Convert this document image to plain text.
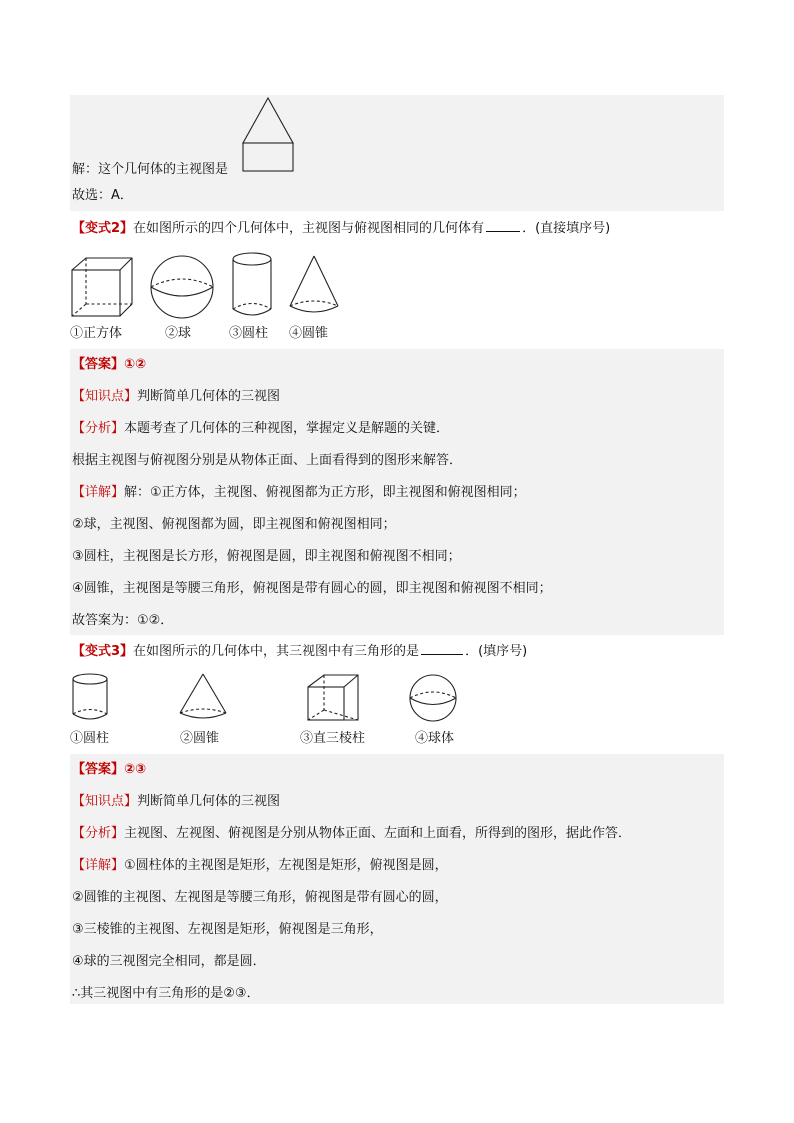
解：这个几何体的主视图是
故选：A．
【变式2】在如图所示的四个几何体中，主视图与俯视图相同的几何体有	．(直接填序号)
①正方体	②球	③圆柱 ④圆锥
【答案】①②
【知识点】判断简单几何体的三视图
【分析】本题考查了几何体的三种视图，掌握定义是解题的关键．
根据主视图与俯视图分别是从物体正面、上面看得到的图形来解答．
【详解】解：①正方体，主视图、俯视图都为正方形，即主视图和俯视图相同；
②球，主视图、俯视图都为圆，即主视图和俯视图相同；
③圆柱，主视图是长方形，俯视图是圆，即主视图和俯视图不相同；
④圆锥，主视图是等腰三角形，俯视图是带有圆心的圆，即主视图和俯视图不相同；
故答案为：①②．
【变式3】在如图所示的几何体中，其三视图中有三角形的是	．(填序号)
①圆柱	②圆锥	③直三棱柱	④球体
【答案】②③
【知识点】判断简单几何体的三视图
【分析】主视图、左视图、俯视图是分别从物体正面、左面和上面看，所得到的图形，据此作答．
【详解】①圆柱体的主视图是矩形，左视图是矩形，俯视图是圆，
②圆锥的主视图、左视图是等腰三角形，俯视图是带有圆心的圆，
③三棱锥的主视图、左视图是矩形，俯视图是三角形，
④球的三视图完全相同，都是圆．
∴其三视图中有三角形的是②③．
